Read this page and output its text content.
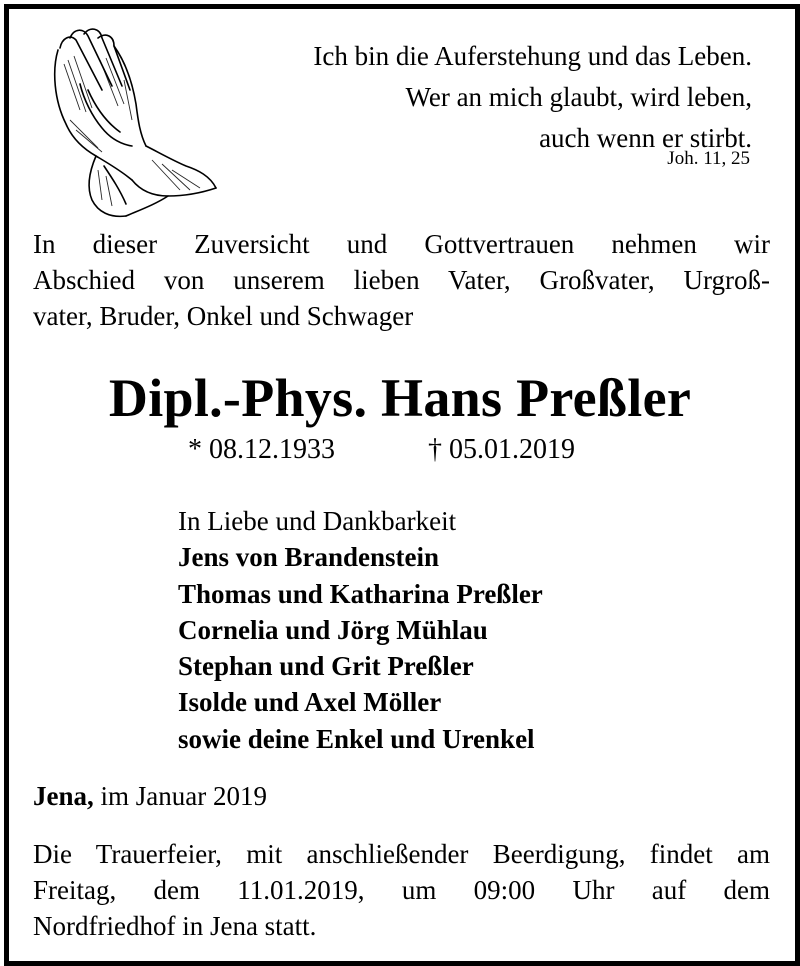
Ich bin die Auferstehung und das Leben.
Wer an mich glaubt, wird leben,
auch wenn er stirbt.
Joh. 11, 25
In dieser Zuversicht und Gottvertrauen nehmen wir
Abschied von unserem lieben Vater, Großvater, Urgroß-
vater, Bruder, Onkel und Schwager
Dipl.-Phys. Hans Preßler
* 08.12.1933	† 05.01.2019
In Liebe und Dankbarkeit
Jens von Brandenstein
Thomas und Katharina Preßler
Cornelia und Jörg Mühlau
Stephan und Grit Preßler
Isolde und Axel Möller
sowie deine Enkel und Urenkel
Jena, im Januar 2019
Die Trauerfeier, mit anschließender Beerdigung, findet am
Freitag, dem 11.01.2019, um 09:00 Uhr auf dem
Nordfriedhof in Jena statt.
